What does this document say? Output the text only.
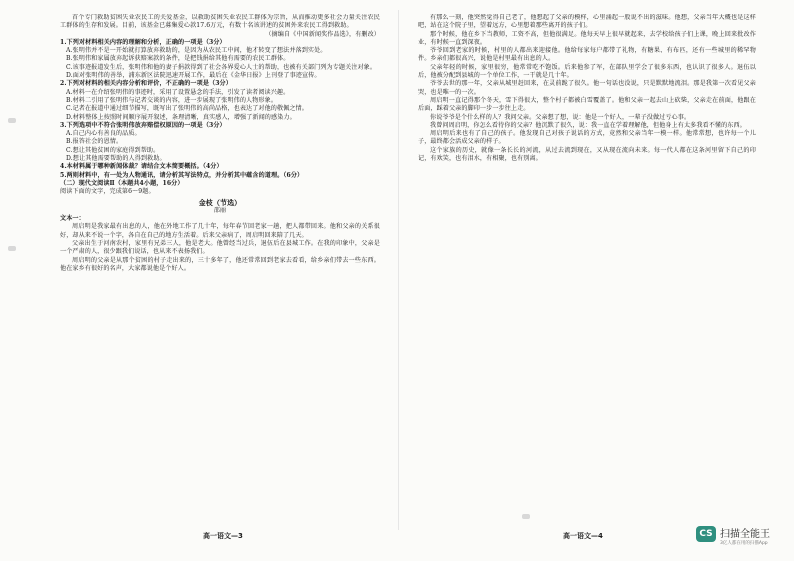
首个专门救助贫困失业农民工的关爱基金，以救助贫困失业农民工群体为宗旨，从而推动更多社会力量关注农民工群体的生存和发展。目前，该基金已募集爱心款17.6万元，有数十名该讲述的贫困外来农民工得到救助。

（摘编自《中国新闻奖作品选》，有删改）

1.下列对材料相关内容的理解和分析，正确的一项是（3分）

A.张明伟并不是一开始就打算放弃救助的，是因为从农民工中间，他才转变了想法并落到实处。

B.张明伟和家属放弃起诉获赔案款的条件，是把钱捐给其他有需要的农民工群体。

C.该事迹报道发生后，张明伟和他的妻子捐款得到了社会各界爱心人士的帮助，也被有关部门列为专题关注对象。

D.面对张明伟的善举，浦东新区法院迅速开展工作，最后在《金华日报》上刊登了事迹宣传。

2.下列对材料的相关内容分析和评价，不正确的一项是（3分）

A.材料一在介绍张明伟的事迹时，采用了设置悬念的手法，引发了读者阅读兴趣。

B.材料二引用了张明伟与记者交谈的内容，进一步展现了张明伟的人物形象。

C.记者在报道中通过细节描写，既写出了张明伟的高尚品格，也表达了对他的敬佩之情。

D.材料整体上按照时间顺序展开叙述，条理清晰，真实感人，增强了新闻的感染力。

3.下列选项中不符合张明伟放弃赔偿权原因的一项是（3分）

A.自己内心有善良的品质。

B.报答社会的恩情。

C.想让其他贫困的家庭得到帮助。

D.想让其他需要帮助的人得到救助。

4.本材料属于哪种新闻体裁？请结合文本简要概括。（4分）

5.两则材料中，有一处为人物通讯，请分析其写法特点，并分析其中蕴含的道理。（6分）

（二）现代文阅读Ⅱ（本题共4小题，16分）

阅读下面的文字，完成第6～9题。

金枝（节选）

邵丽

文本一：

周启明是我家最有出息的人，他在外地工作了几十年，每年春节回老家一趟，把人都带回来。他和父亲的关系很好，却从来不说一个字，各自在自己的地方生活着。后来父亲病了，周启明回来陪了几天。

父亲出生于河南农村，家里有兄弟三人，他是老大。他曾经当过兵，退伍后在县城工作。在我的印象中，父亲是一个严肃的人，很少跟我们说话，也从来不表扬我们。

周启明的父亲是从那个贫困的村子走出来的，三十多年了，他还常常回到老家去看看，给乡亲们带去一些东西。他在家乡有很好的名声，大家都说他是个好人。

有那么一刻，他突然觉得自己老了，他想起了父亲的模样，心里涌起一股说不出的滋味。他想，父亲当年大概也是这样吧，站在这个院子里，望着远方，心里想着那些离开的孩子们。

那个时候，他在乡下当教师，工资不高，但他很满足。他每天早上很早就起来，去学校给孩子们上课，晚上回来批改作业，有时候一直到深夜。

爷爷回到老家的时候，村里的人都出来迎接他。他给每家每户都带了礼物，有糖果、有布匹，还有一些城里的稀罕物件。乡亲们都很高兴，说他是村里最有出息的人。

父亲年轻的时候，家里很穷，他常常吃不饱饭。后来他参了军，在部队里学会了很多东西，也认识了很多人。退伍以后，他被分配到县城的一个单位工作，一干就是几十年。

爷爷去世的那一年，父亲从城里赶回来，在灵前跪了很久。他一句话也没说，只是默默地流泪。那是我第一次看见父亲哭，也是唯一的一次。

周启明一直记得那个冬天，雪下得很大，整个村子都被白雪覆盖了。他和父亲一起去山上砍柴，父亲走在前面，他跟在后面，踩着父亲的脚印一步一步往上走。

你说爷爷是个什么样的人？我问父亲。父亲想了想，说：他是一个好人，一辈子没做过亏心事。

我曾问周启明，你怎么看待你的父亲？他沉默了很久，说：我一直在学着理解他，但他身上有太多我看不懂的东西。

周启明后来也有了自己的孩子。他发现自己对孩子说话的方式，竟然和父亲当年一模一样。他常常想，也许每一个儿子，最终都会活成父亲的样子。

这个家族的历史，就像一条长长的河流，从过去流到现在，又从现在流向未来。每一代人都在这条河里留下自己的印记，有欢笑，也有泪水，有相聚，也有别离。

高一语文—3	高一语文—4	CS 扫描全能王
3亿人都在用的扫描App
